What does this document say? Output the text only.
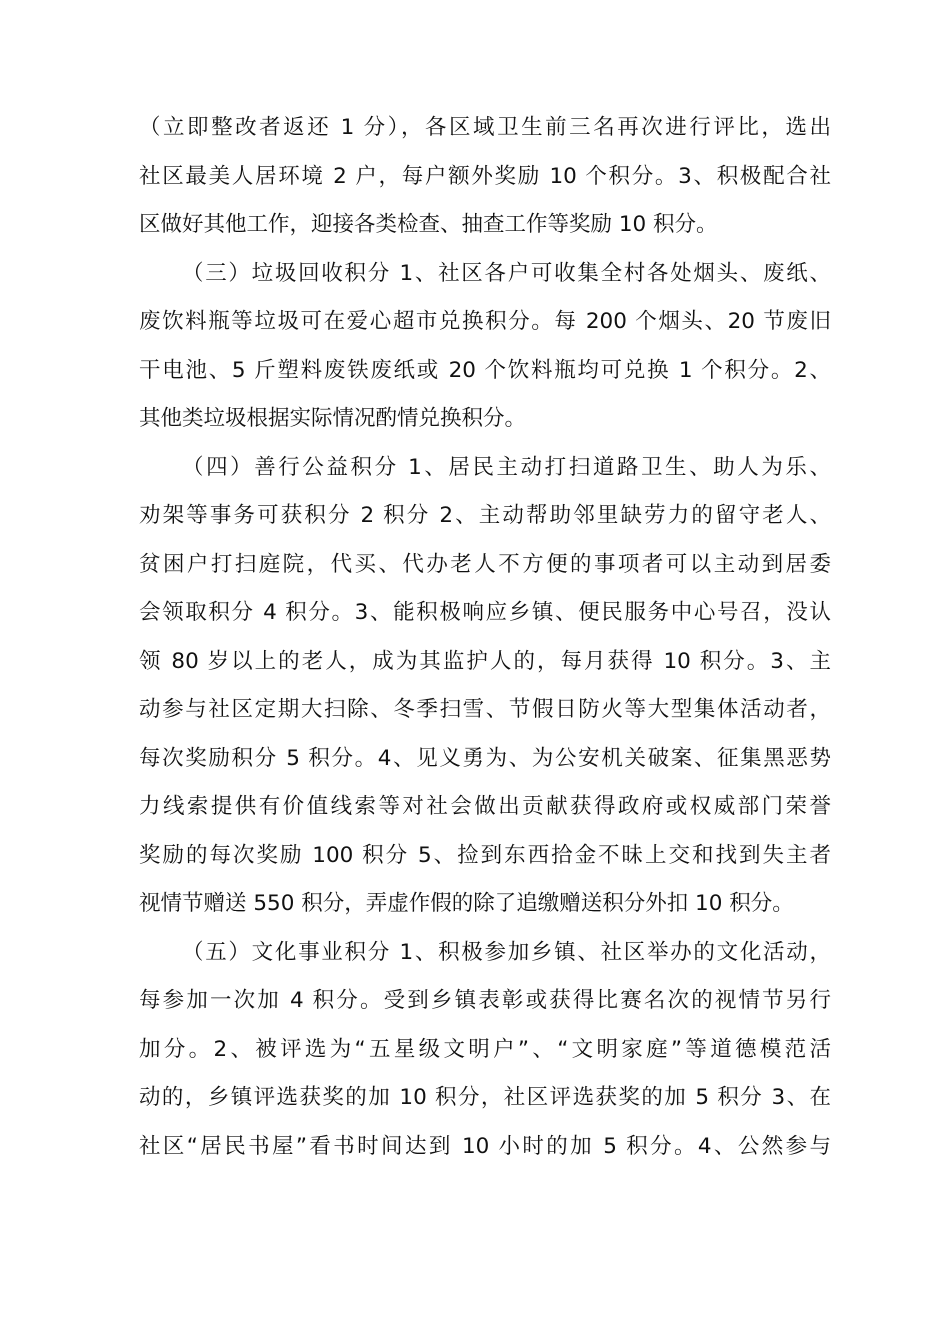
（立即整改者返还 1 分），各区域卫生前三名再次进行评比，选出
社区最美人居环境 2 户，每户额外奖励 10 个积分。3、积极配合社
区做好其他工作，迎接各类检查、抽查工作等奖励 10 积分。
（三）垃圾回收积分 1、社区各户可收集全村各处烟头、废纸、
废饮料瓶等垃圾可在爱心超市兑换积分。每 200 个烟头、20 节废旧
干电池、5 斤塑料废铁废纸或 20 个饮料瓶均可兑换 1 个积分。2、
其他类垃圾根据实际情况酌情兑换积分。
（四）善行公益积分 1、居民主动打扫道路卫生、助人为乐、
劝架等事务可获积分 2 积分 2、主动帮助邻里缺劳力的留守老人、
贫困户打扫庭院，代买、代办老人不方便的事项者可以主动到居委
会领取积分 4 积分。3、能积极响应乡镇、便民服务中心号召，没认
领 80 岁以上的老人，成为其监护人的，每月获得 10 积分。3、主
动参与社区定期大扫除、冬季扫雪、节假日防火等大型集体活动者，
每次奖励积分 5 积分。4、见义勇为、为公安机关破案、征集黑恶势
力线索提供有价值线索等对社会做出贡献获得政府或权威部门荣誉
奖励的每次奖励 100 积分 5、捡到东西拾金不昧上交和找到失主者
视情节赠送 550 积分，弄虚作假的除了追缴赠送积分外扣 10 积分。
（五）文化事业积分 1、积极参加乡镇、社区举办的文化活动，
每参加一次加 4 积分。受到乡镇表彰或获得比赛名次的视情节另行
加分。2、被评选为“五星级文明户”、“文明家庭”等道德模范活
动的，乡镇评选获奖的加 10 积分，社区评选获奖的加 5 积分 3、在
社区“居民书屋”看书时间达到 10 小时的加 5 积分。4、公然参与
